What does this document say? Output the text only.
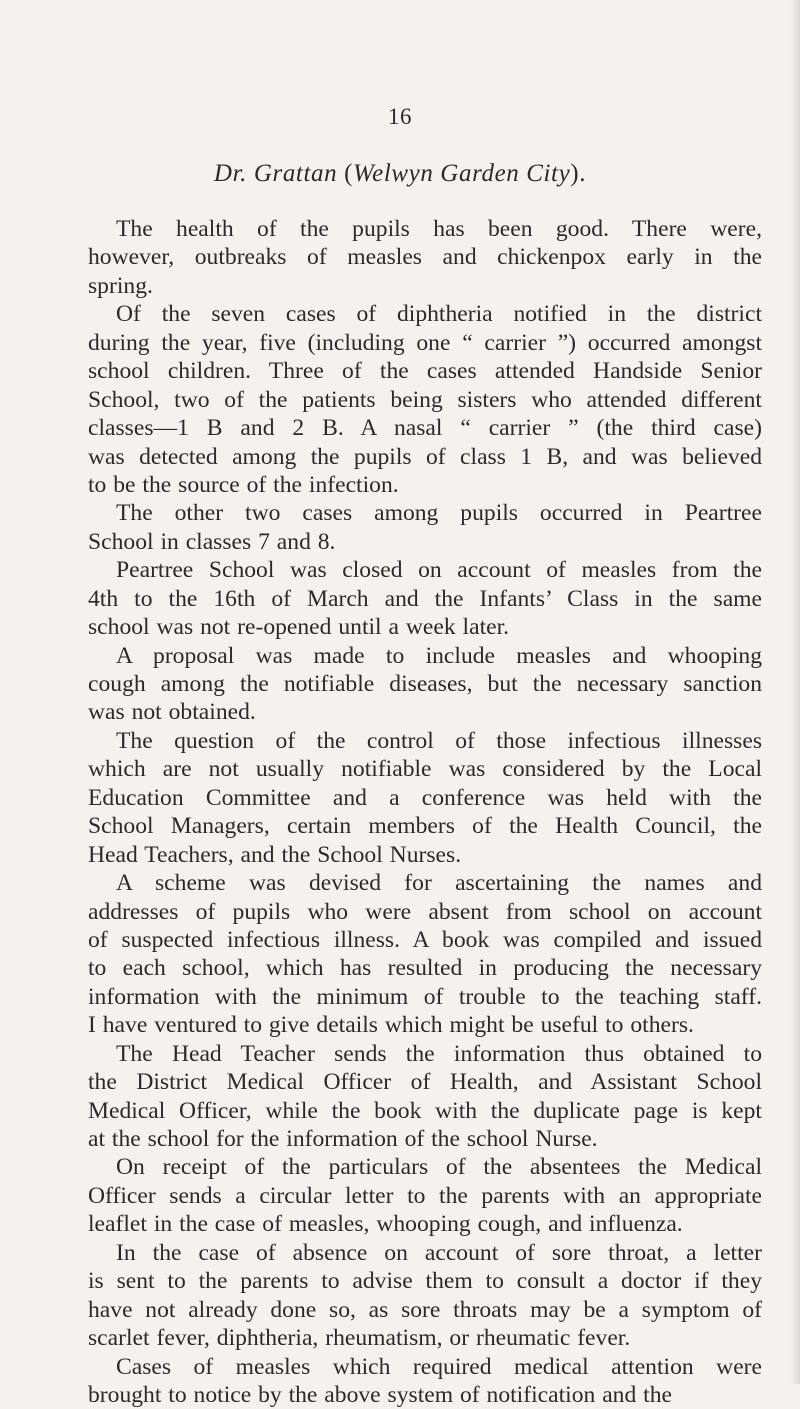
16
Dr. Grattan (Welwyn Garden City).
The health of the pupils has been good. There were,
however, outbreaks of measles and chickenpox early in the
spring.
Of the seven cases of diphtheria notified in the district
during the year, five (including one “ carrier ”) occurred amongst
school children. Three of the cases attended Handside Senior
School, two of the patients being sisters who attended different
classes—1 B and 2 B. A nasal “ carrier ” (the third case)
was detected among the pupils of class 1 B, and was believed
to be the source of the infection.
The other two cases among pupils occurred in Peartree
School in classes 7 and 8.
Peartree School was closed on account of measles from the
4th to the 16th of March and the Infants’ Class in the same
school was not re-opened until a week later.
A proposal was made to include measles and whooping
cough among the notifiable diseases, but the necessary sanction
was not obtained.
The question of the control of those infectious illnesses
which are not usually notifiable was considered by the Local
Education Committee and a conference was held with the
School Managers, certain members of the Health Council, the
Head Teachers, and the School Nurses.
A scheme was devised for ascertaining the names and
addresses of pupils who were absent from school on account
of suspected infectious illness. A book was compiled and issued
to each school, which has resulted in producing the necessary
information with the minimum of trouble to the teaching staff.
I have ventured to give details which might be useful to others.
The Head Teacher sends the information thus obtained to
the District Medical Officer of Health, and Assistant School
Medical Officer, while the book with the duplicate page is kept
at the school for the information of the school Nurse.
On receipt of the particulars of the absentees the Medical
Officer sends a circular letter to the parents with an appropriate
leaflet in the case of measles, whooping cough, and influenza.
In the case of absence on account of sore throat, a letter
is sent to the parents to advise them to consult a doctor if they
have not already done so, as sore throats may be a symptom of
scarlet fever, diphtheria, rheumatism, or rheumatic fever.
Cases of measles which required medical attention were
brought to notice by the above system of notification and the
